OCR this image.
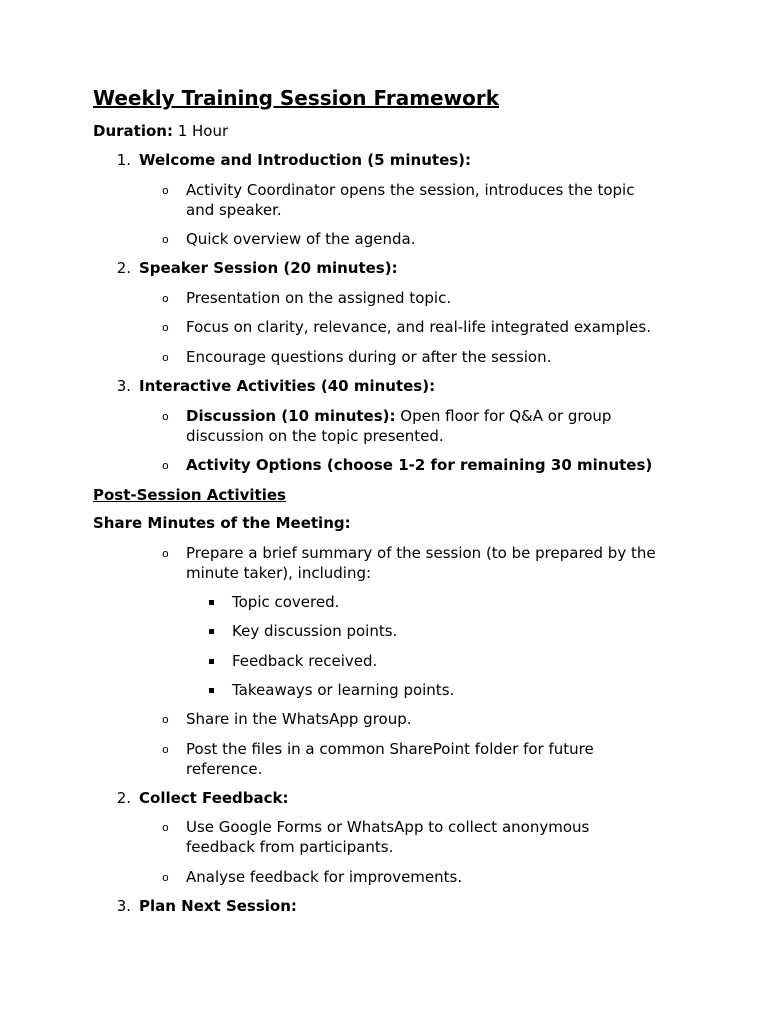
Weekly Training Session Framework
Duration: 1 Hour
1. Welcome and Introduction (5 minutes):
o Activity Coordinator opens the session, introduces the topic
and speaker.
o Quick overview of the agenda.
2. Speaker Session (20 minutes):
o Presentation on the assigned topic.
o Focus on clarity, relevance, and real-life integrated examples.
o Encourage questions during or after the session.
3. Interactive Activities (40 minutes):
o Discussion (10 minutes): Open floor for Q&A or group
discussion on the topic presented.
o Activity Options (choose 1-2 for remaining 30 minutes)
Post-Session Activities
Share Minutes of the Meeting:
o Prepare a brief summary of the session (to be prepared by the
minute taker), including:
Topic covered.
Key discussion points.
Feedback received.
Takeaways or learning points.
o Share in the WhatsApp group.
o Post the files in a common SharePoint folder for future
reference.
2. Collect Feedback:
o Use Google Forms or WhatsApp to collect anonymous
feedback from participants.
o Analyse feedback for improvements.
3. Plan Next Session:
